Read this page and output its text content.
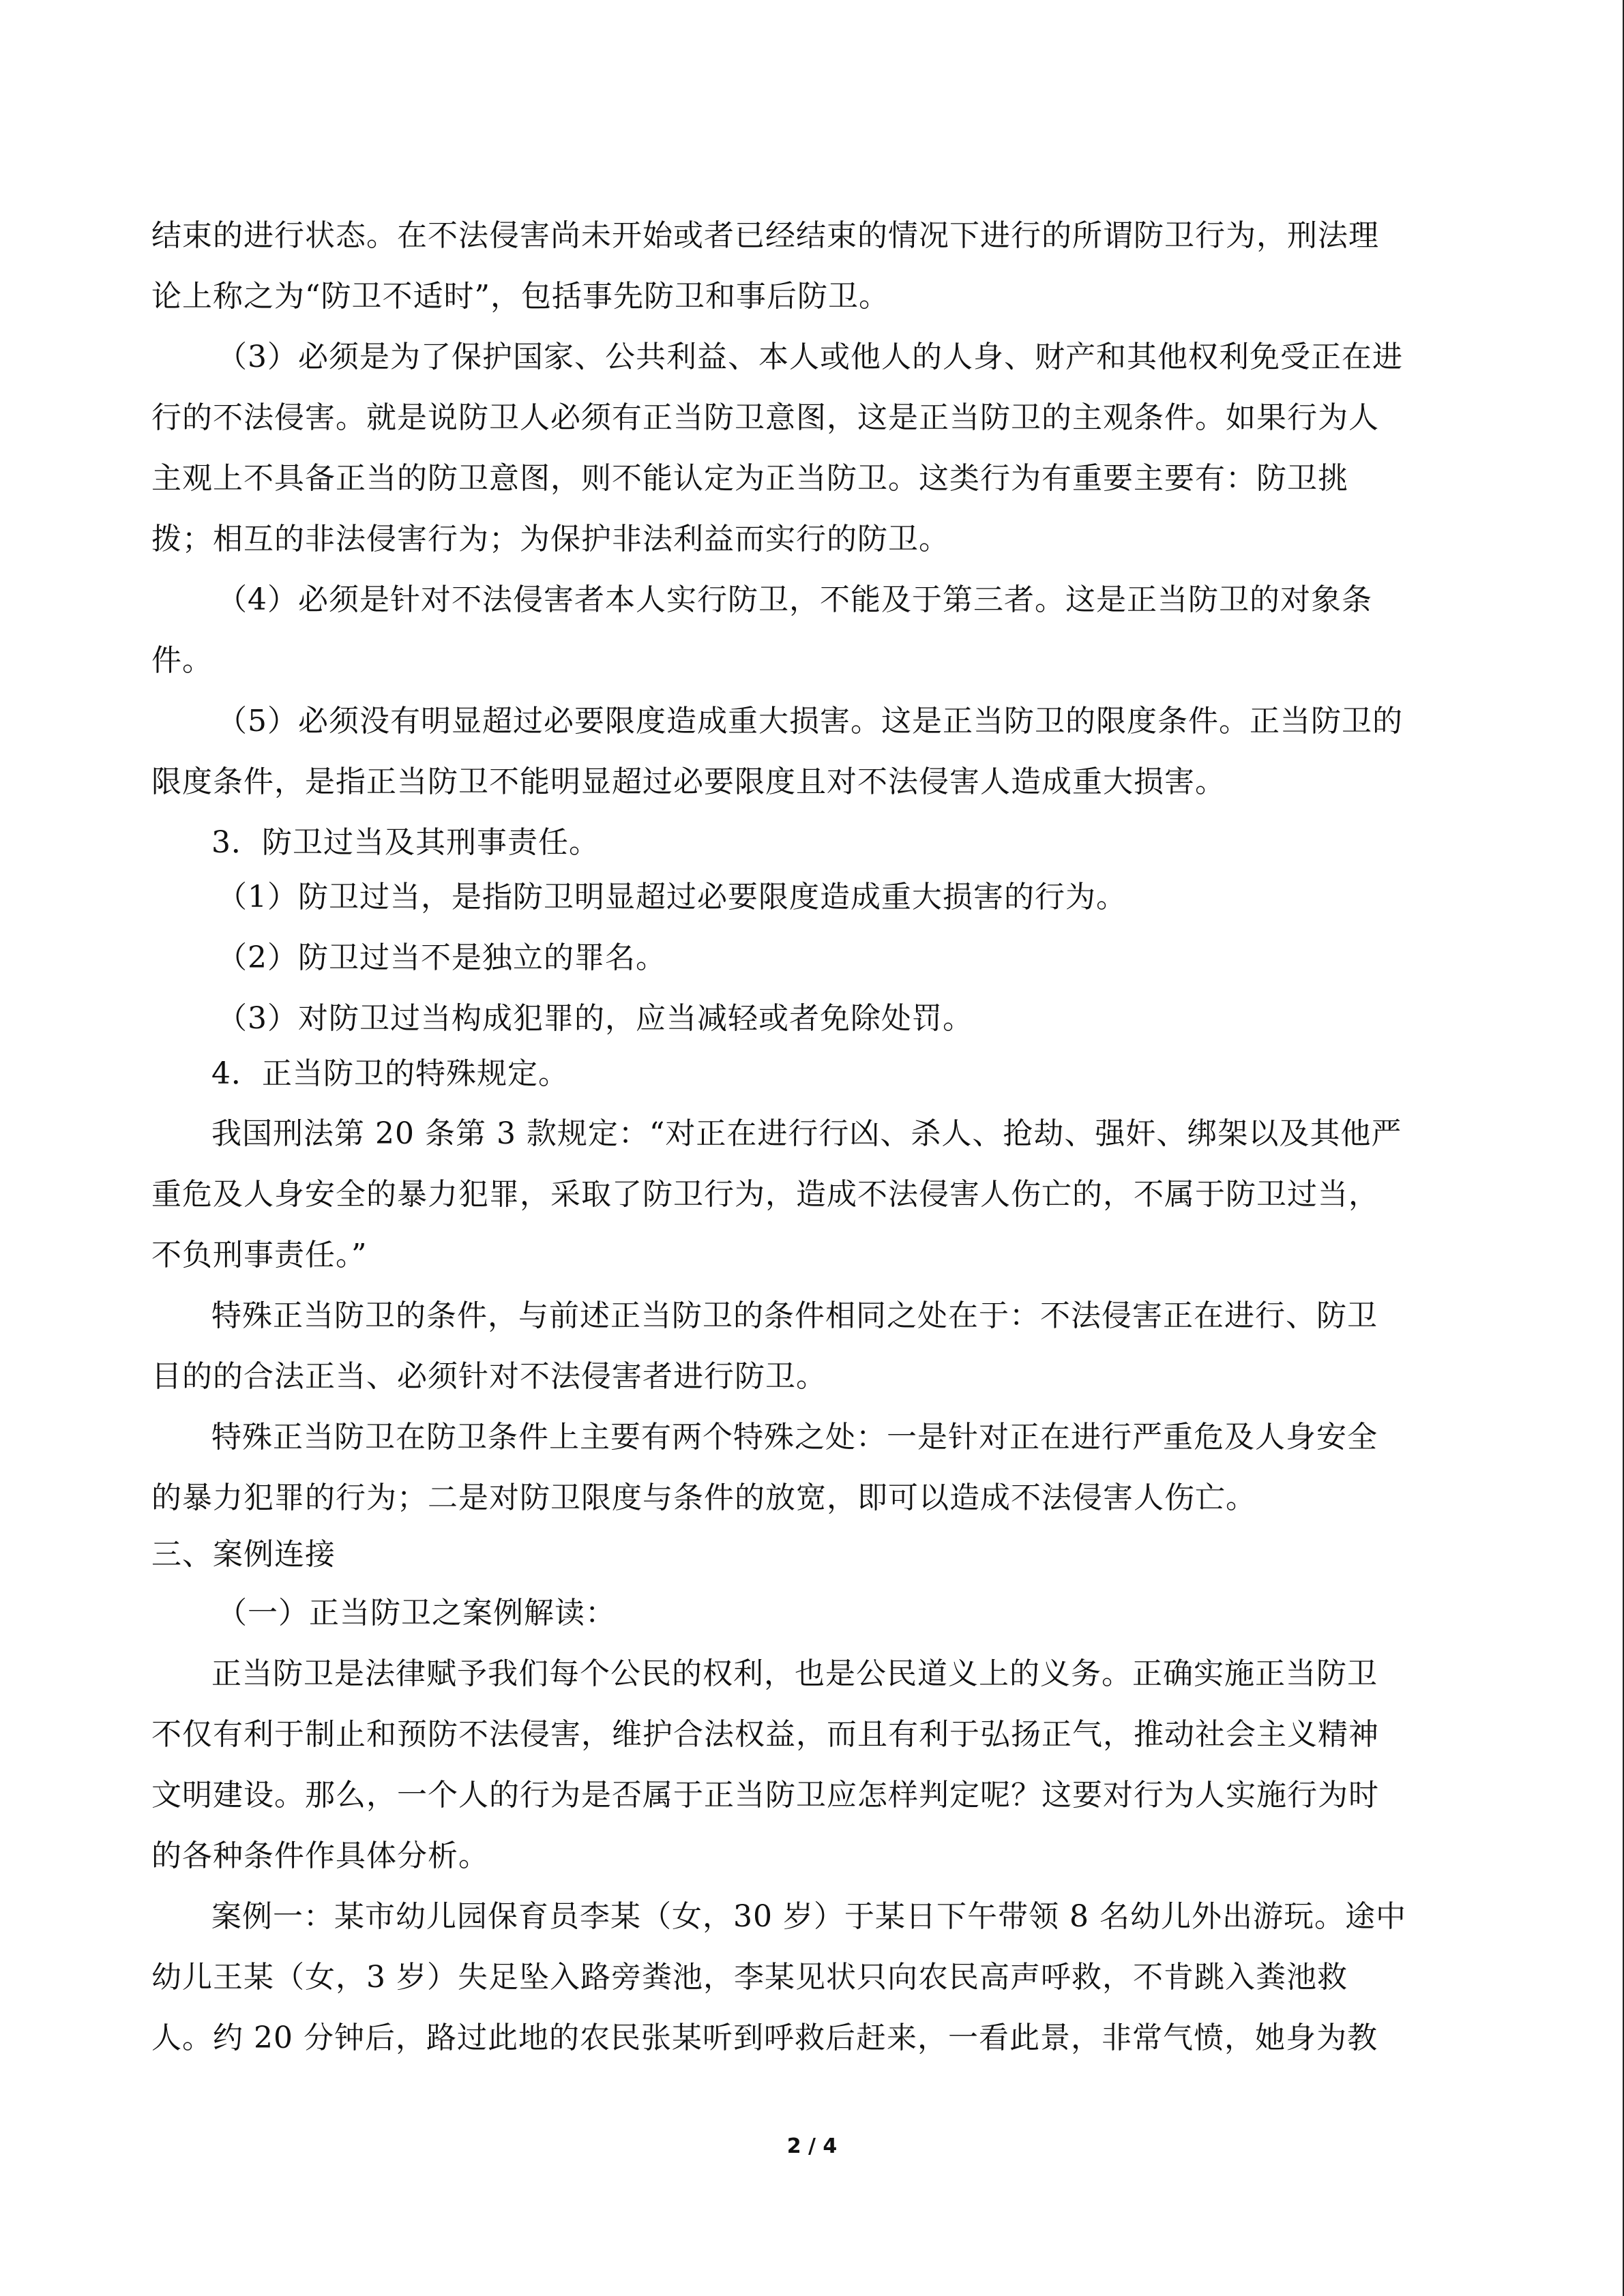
结束的进行状态。在不法侵害尚未开始或者已经结束的情况下进行的所谓防卫行为，刑法理
论上称之为“防卫不适时”，包括事先防卫和事后防卫。
（3）必须是为了保护国家、公共利益、本人或他人的人身、财产和其他权利免受正在进
行的不法侵害。就是说防卫人必须有正当防卫意图，这是正当防卫的主观条件。如果行为人
主观上不具备正当的防卫意图，则不能认定为正当防卫。这类行为有重要主要有：防卫挑
拨；相互的非法侵害行为；为保护非法利益而实行的防卫。
（4）必须是针对不法侵害者本人实行防卫，不能及于第三者。这是正当防卫的对象条
件。
（5）必须没有明显超过必要限度造成重大损害。这是正当防卫的限度条件。正当防卫的
限度条件，是指正当防卫不能明显超过必要限度且对不法侵害人造成重大损害。
3．防卫过当及其刑事责任。
（1）防卫过当，是指防卫明显超过必要限度造成重大损害的行为。
（2）防卫过当不是独立的罪名。
（3）对防卫过当构成犯罪的，应当减轻或者免除处罚。
4．正当防卫的特殊规定。
我国刑法第 20 条第 3 款规定：“对正在进行行凶、杀人、抢劫、强奸、绑架以及其他严
重危及人身安全的暴力犯罪，采取了防卫行为，造成不法侵害人伤亡的，不属于防卫过当，
不负刑事责任。”
特殊正当防卫的条件，与前述正当防卫的条件相同之处在于：不法侵害正在进行、防卫
目的的合法正当、必须针对不法侵害者进行防卫。
特殊正当防卫在防卫条件上主要有两个特殊之处：一是针对正在进行严重危及人身安全
的暴力犯罪的行为；二是对防卫限度与条件的放宽，即可以造成不法侵害人伤亡。
三、案例连接
（一）正当防卫之案例解读：
正当防卫是法律赋予我们每个公民的权利，也是公民道义上的义务。正确实施正当防卫
不仅有利于制止和预防不法侵害，维护合法权益，而且有利于弘扬正气，推动社会主义精神
文明建设。那么，一个人的行为是否属于正当防卫应怎样判定呢？这要对行为人实施行为时
的各种条件作具体分析。
案例一：某市幼儿园保育员李某（女，30 岁）于某日下午带领 8 名幼儿外出游玩。途中
幼儿王某（女，3 岁）失足坠入路旁粪池，李某见状只向农民高声呼救，不肯跳入粪池救
人。约 20 分钟后，路过此地的农民张某听到呼救后赶来，一看此景，非常气愤，她身为教
2 / 4
